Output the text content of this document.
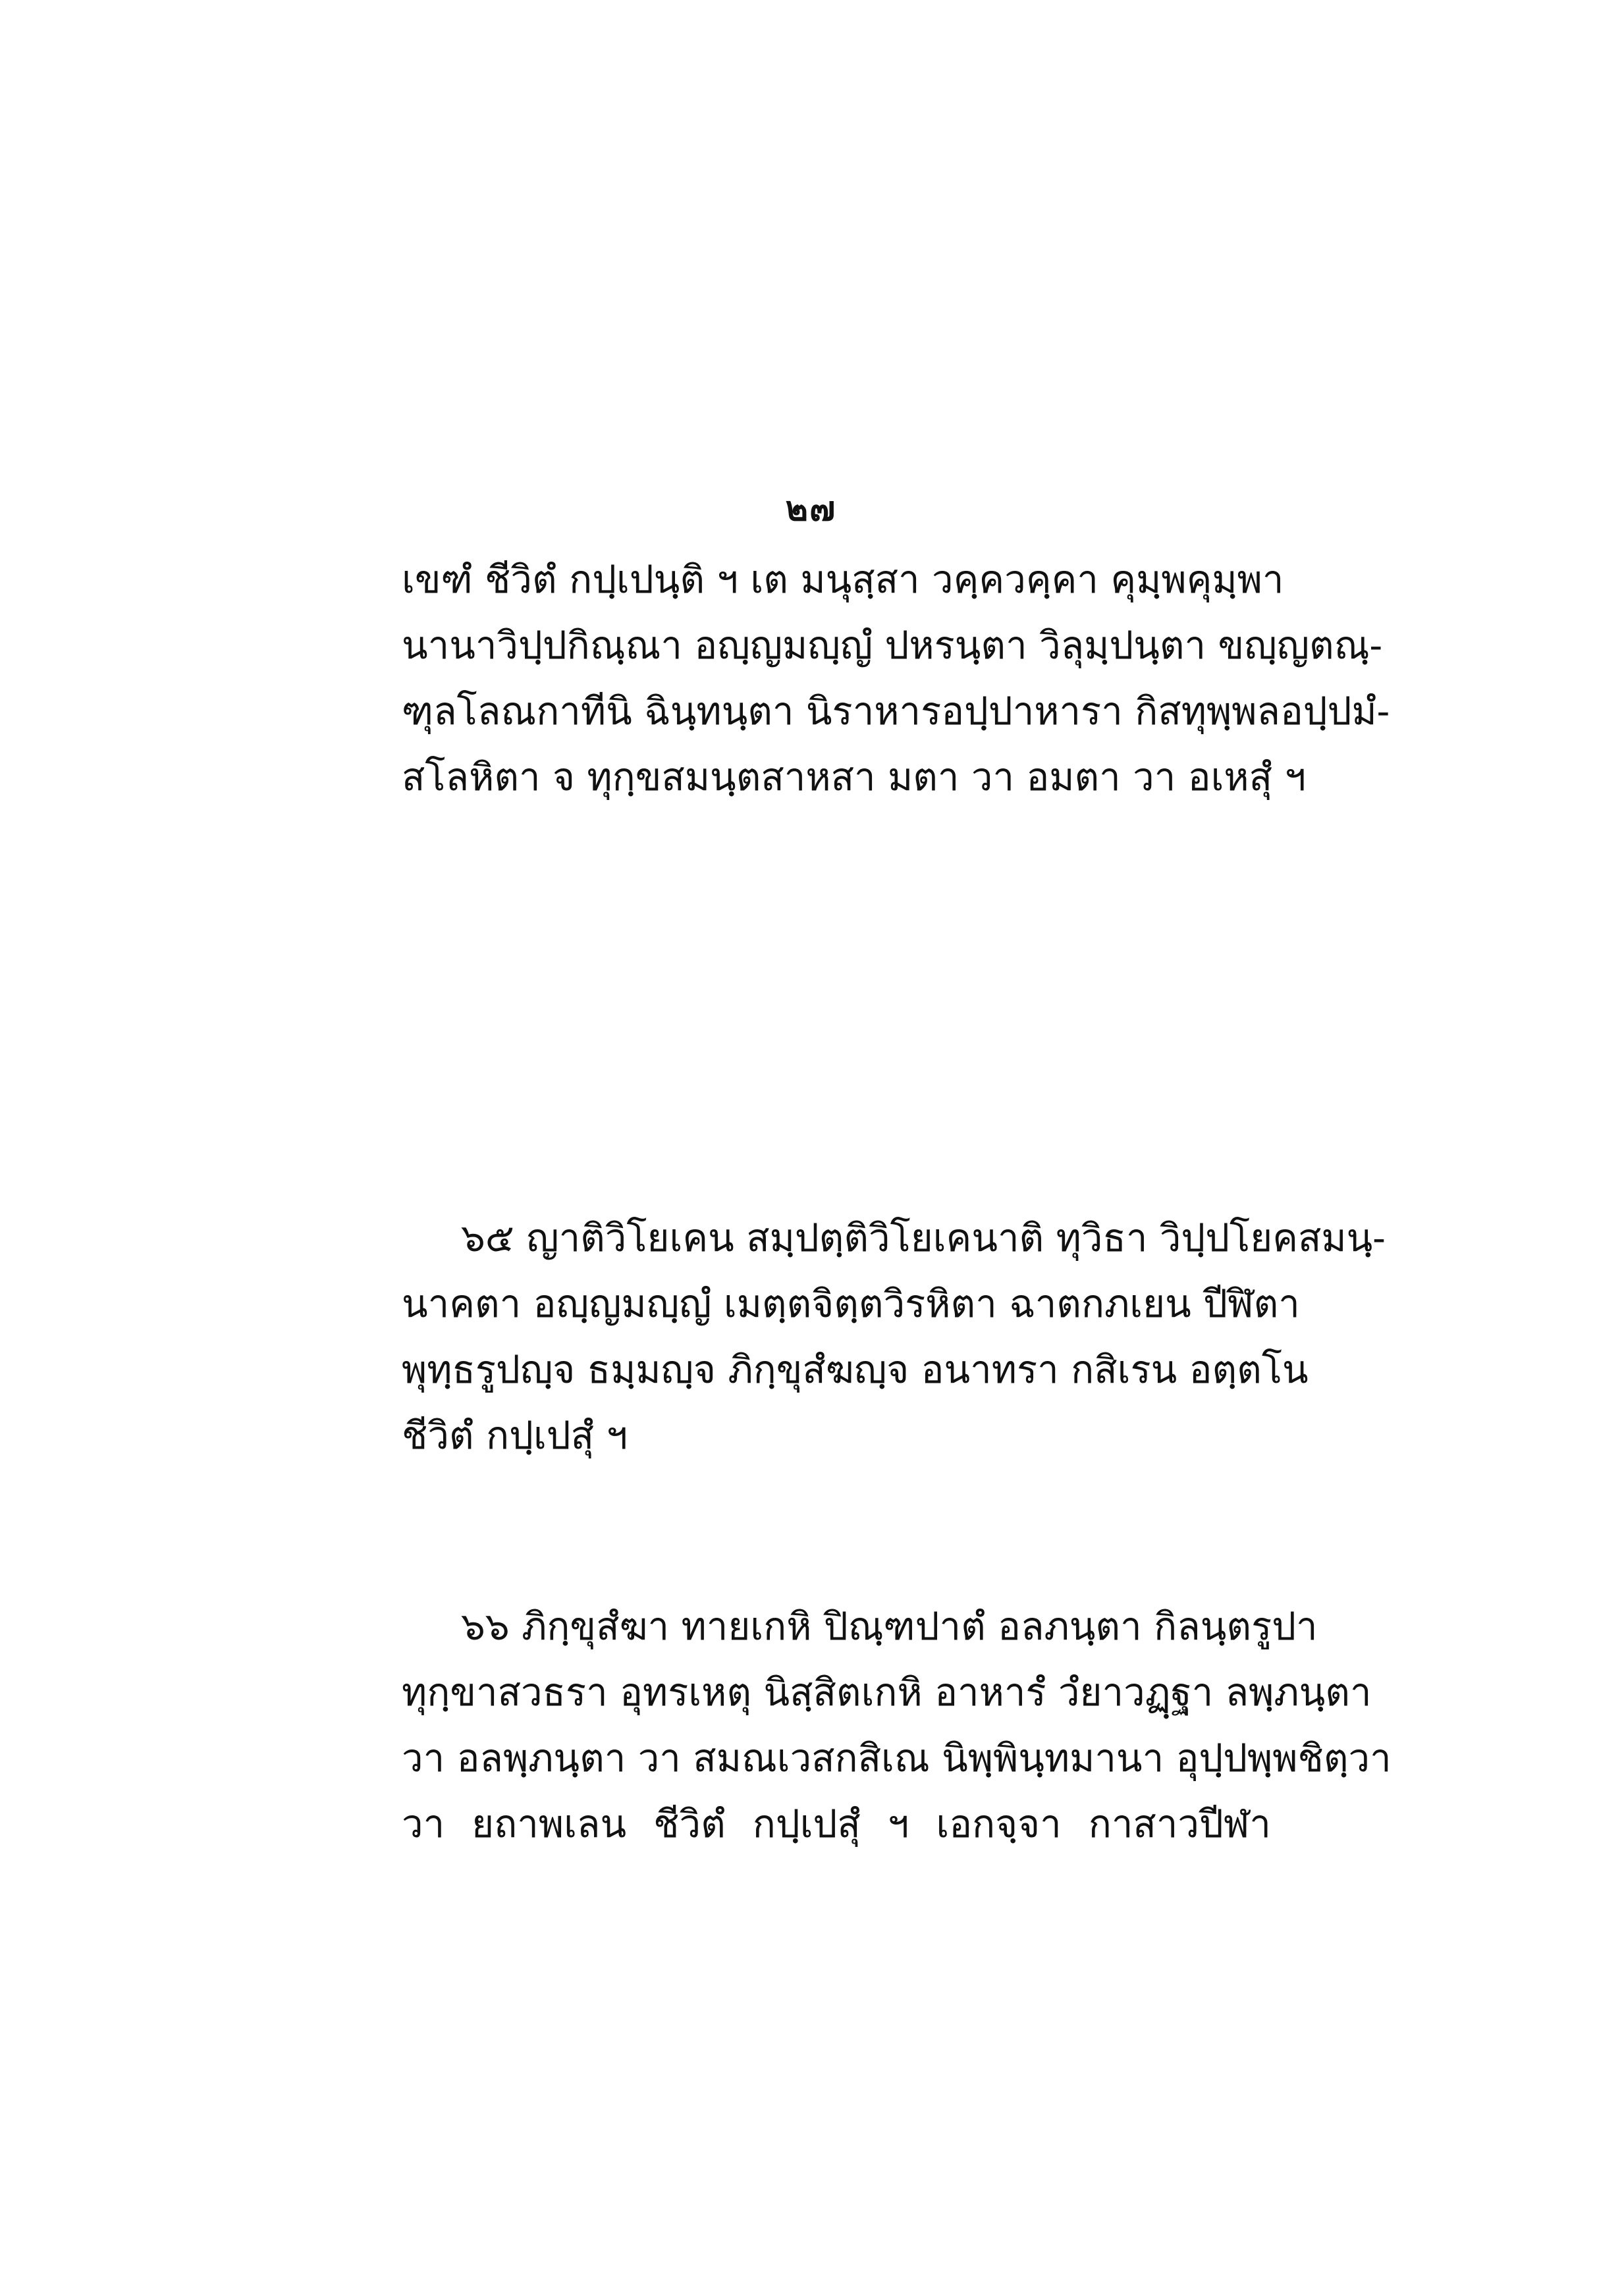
๒๗
เขฑํ ชีวิตํ กปฺเปนฺติ ฯ เต มนุสฺสา วคฺควคฺคา คุมฺพคุมฺพา
นานาวิปฺปกิณฺณา อญฺญมญฺญํ ปหรนฺตา วิลุมฺปนฺตา ขญฺญตณฺ-
ฑุลโลณกาทีนิ ฉินฺทนฺตา นิราหารอปฺปาหารา กิสทุพฺพลอปฺปมํ-
สโลหิตา จ ทุกฺขสมนฺตสาหสา มตา วา อมตา วา อเหสุํ ฯ
๖๕ ญาติวิโยเคน สมฺปตฺติวิโยเคนาติ ทุวิธา วิปฺปโยคสมนฺ-
นาคตา อญฺญมญฺญํ เมตฺตจิตฺตวิรหิตา ฉาตกภเยน ปีฬิตา
พุทฺธรูปญฺจ ธมฺมญฺจ ภิกฺขุสํฆญฺจ อนาทรา กสิเรน อตฺตโน
ชีวิตํ กปฺเปสุํ ฯ
๖๖ ภิกฺขุสํฆา ทายเกหิ ปิณฺฑปาตํ อลภนฺตา กิลนฺตรูปา
ทุกฺขาสวธรา อุทรเหตุ นิสฺสิตเกหิ อาหารํ วํยาวฏฺฐา ลพฺภนฺตา
วา อลพฺภนฺตา วา สมณเวสกสิเณ นิพฺพินฺทมานา อุปฺปพฺพชิตฺวา
วา ยถาพเลน ชีวิตํ กปฺเปสุํ ฯ เอกจฺจา กาสาวปีฬา
